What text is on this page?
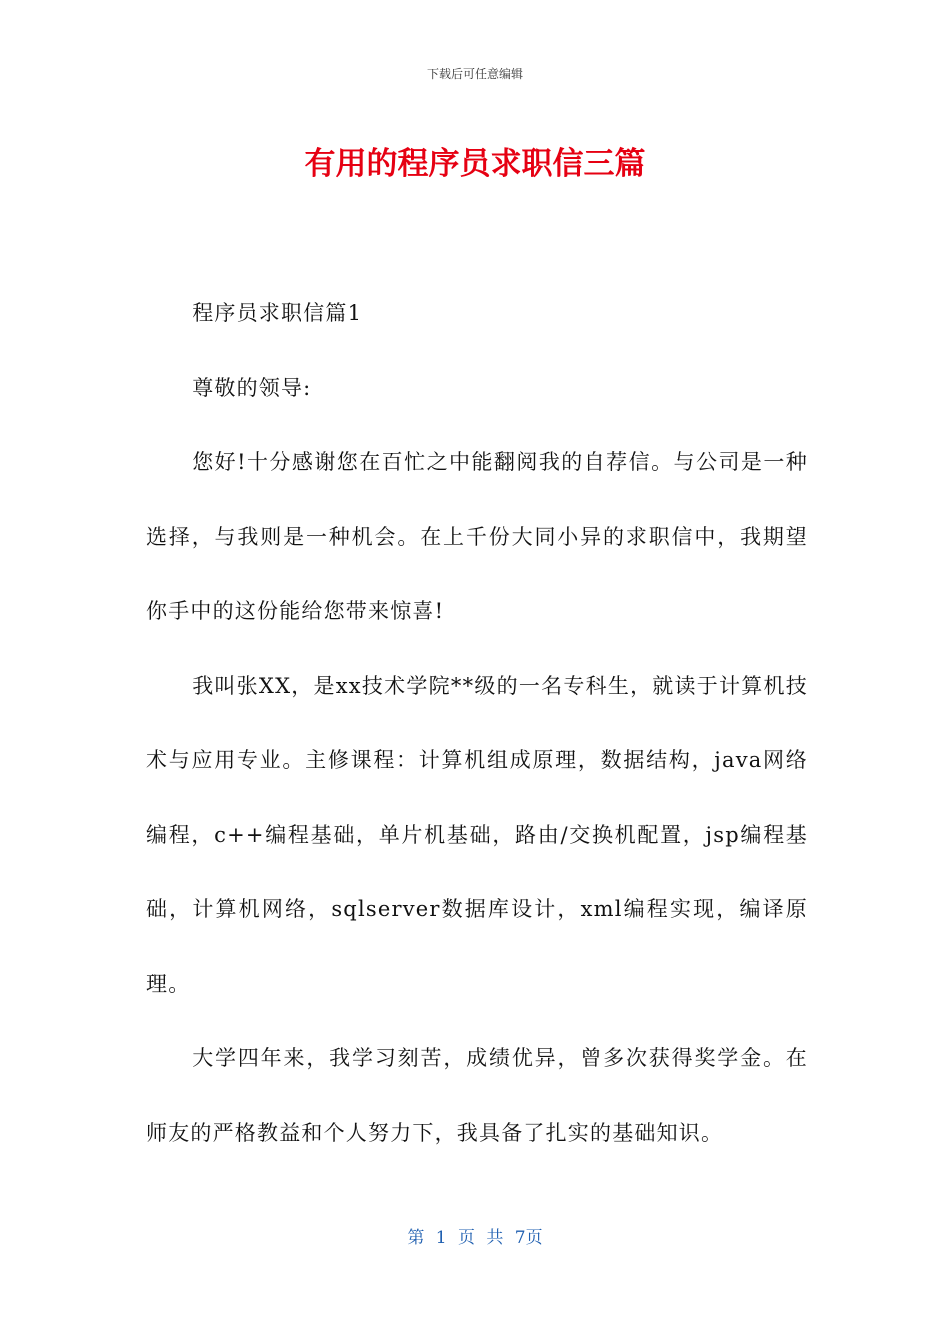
下载后可任意编辑
有用的程序员求职信三篇

程序员求职信篇1

尊敬的领导:

您好!十分感谢您在百忙之中能翻阅我的自荐信。与公司是一种选择，与我则是一种机会。在上千份大同小异的求职信中，我期望你手中的这份能给您带来惊喜!

我叫张XX，是xx技术学院**级的一名专科生，就读于计算机技术与应用专业。主修课程：计算机组成原理，数据结构，java网络编程，c++编程基础，单片机基础，路由/交换机配置，jsp编程基础，计算机网络，sqlserver数据库设计，xml编程实现，编译原理。

大学四年来，我学习刻苦，成绩优异，曾多次获得奖学金。在师友的严格教益和个人努力下，我具备了扎实的基础知识。

第 1 页 共 7页
